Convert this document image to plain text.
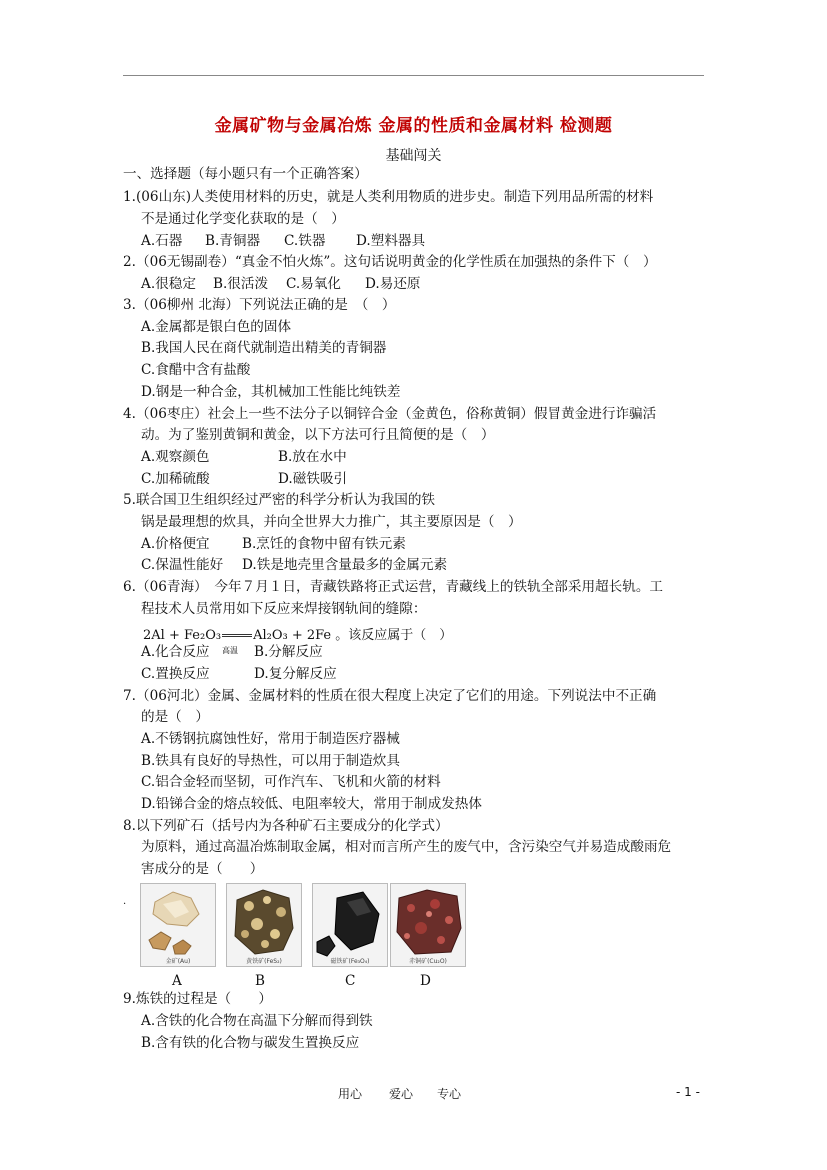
金属矿物与金属冶炼 金属的性质和金属材料 检测题
基础闯关
一、选择题（每小题只有一个正确答案）
1.(06山东)人类使用材料的历史，就是人类利用物质的进步史。制造下列用品所需的材料
不是通过化学变化获取的是（　）
A.石器 B.青铜器 C.铁器 D.塑料器具
2.（06无锡副卷）“真金不怕火炼”。这句话说明黄金的化学性质在加强热的条件下（　）
A.很稳定 B.很活泼 C.易氧化 D.易还原
3.（06柳州 北海）下列说法正确的是　（　）
A.金属都是银白色的固体
B.我国人民在商代就制造出精美的青铜器
C.食醋中含有盐酸
D.钢是一种合金，其机械加工性能比纯铁差
4.（06枣庄）社会上一些不法分子以铜锌合金（金黄色，俗称黄铜）假冒黄金进行诈骗活
动。为了鉴别黄铜和黄金，以下方法可行且简便的是（　）
A.观察颜色	B.放在水中
C.加稀硫酸	D.磁铁吸引
5.联合国卫生组织经过严密的科学分析认为我国的铁
锅是最理想的炊具，并向全世界大力推广，其主要原因是（　）
A.价格便宜 B.烹饪的食物中留有铁元素
C.保温性能好 D.铁是地壳里含量最多的金属元素
6.（06青海）　今年７月１日，青藏铁路将正式运营，青藏线上的铁轨全部采用超长轨。工
程技术人员常用如下反应来焊接钢轨间的缝隙：
2Al + Fe₂O₃ Al₂O₃ + 2Fe 。该反应属于（　）
高温
A.化合反应	B.分解反应
C.置换反应	D.复分解反应
7.（06河北）金属、金属材料的性质在很大程度上决定了它们的用途。下列说法中不正确
的是（　）
A.不锈钢抗腐蚀性好，常用于制造医疗器械
B.铁具有良好的导热性，可以用于制造炊具
C.铝合金轻而坚韧，可作汽车、飞机和火箭的材料
D.铅锑合金的熔点较低、电阻率较大，常用于制成发热体
8.以下列矿石（括号内为各种矿石主要成分的化学式）
为原料，通过高温冶炼制取金属，相对而言所产生的废气中，含污染空气并易造成酸雨危
害成分的是（　　）
.
金矿(Au)	黄铁矿(FeS₂)	磁铁矿(Fe₃O₄)	赤铜矿(Cu₂O)
A	B	C	D
9.炼铁的过程是（　　）
A.含铁的化合物在高温下分解而得到铁
B.含有铁的化合物与碳发生置换反应
用心 爱心 专心	- 1 -
